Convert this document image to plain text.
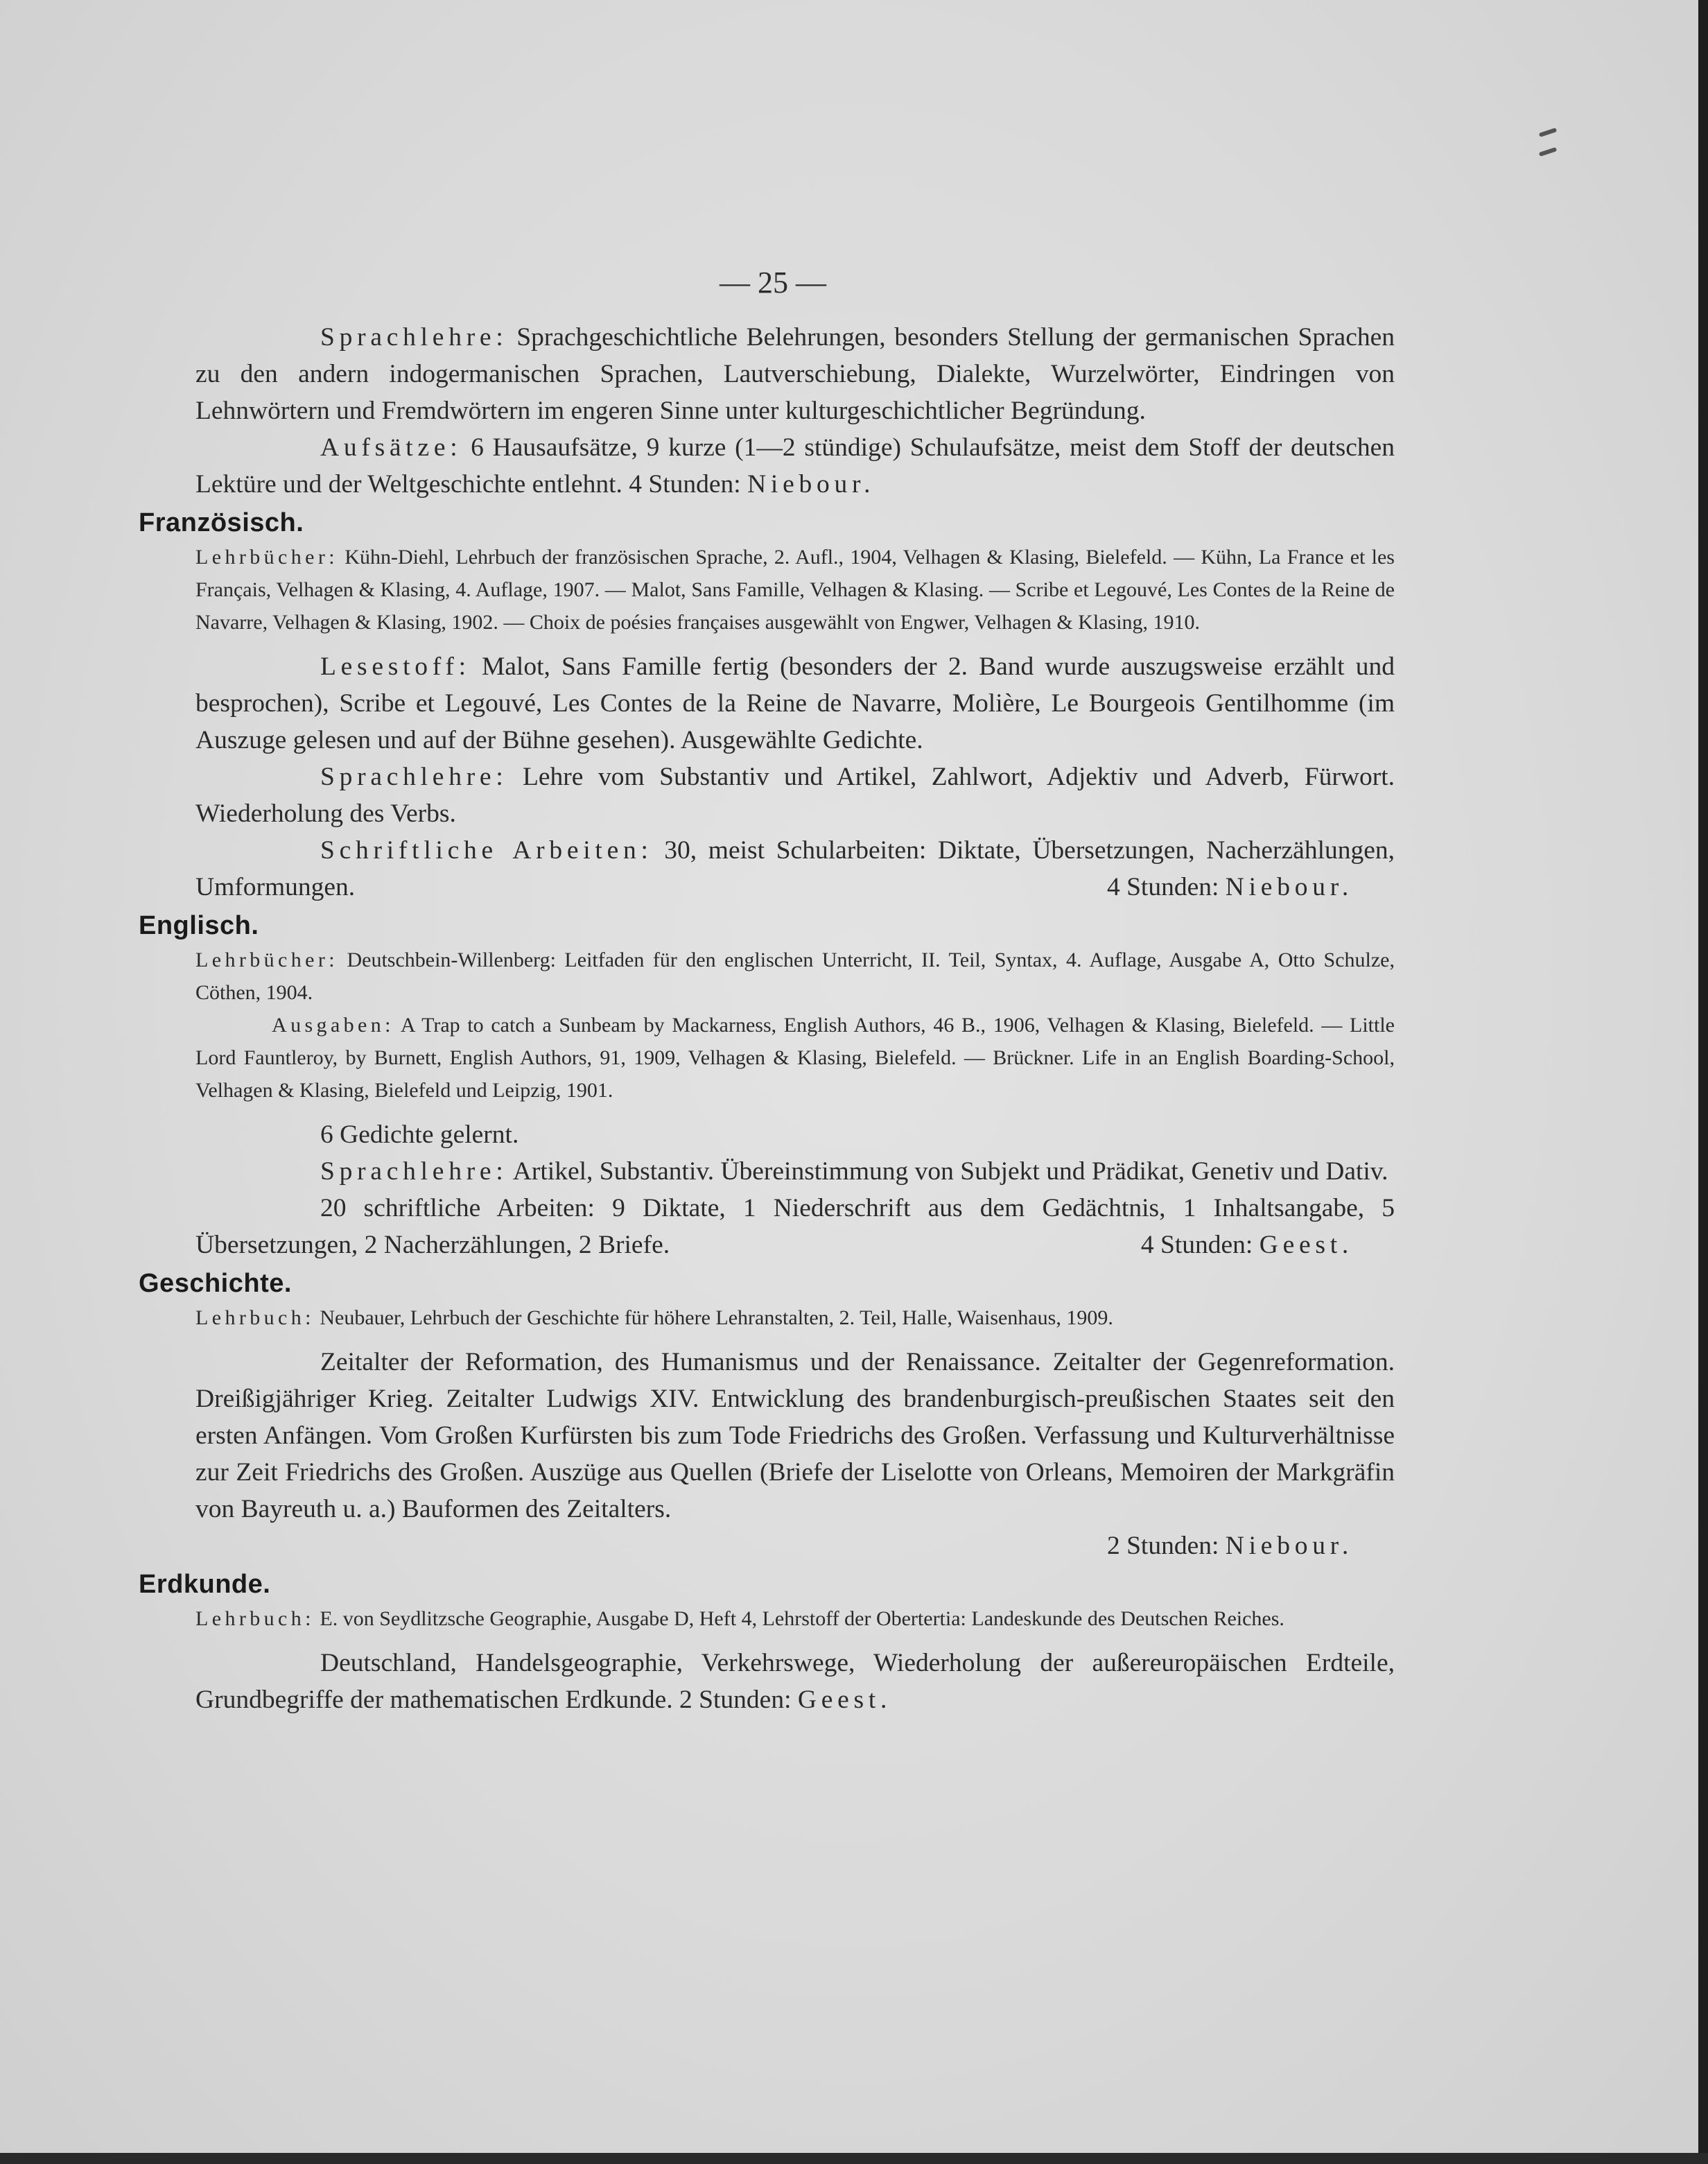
— 25 —

Sprachlehre: Sprachgeschichtliche Belehrungen, besonders Stellung der germanischen Sprachen zu den andern indogermanischen Sprachen, Lautverschiebung, Dialekte, Wurzelwörter, Eindringen von Lehnwörtern und Fremdwörtern im engeren Sinne unter kulturgeschichtlicher Begründung.

Aufsätze: 6 Hausaufsätze, 9 kurze (1—2 stündige) Schulaufsätze, meist dem Stoff der deutschen Lektüre und der Weltgeschichte entlehnt. 4 Stunden: Niebour.

Französisch.

Lehrbücher: Kühn-Diehl, Lehrbuch der französischen Sprache, 2. Aufl., 1904, Velhagen & Klasing, Bielefeld. — Kühn, La France et les Français, Velhagen & Klasing, 4. Auflage, 1907. — Malot, Sans Famille, Velhagen & Klasing. — Scribe et Legouvé, Les Contes de la Reine de Navarre, Velhagen & Klasing, 1902. — Choix de poésies françaises ausgewählt von Engwer, Velhagen & Klasing, 1910.

Lesestoff: Malot, Sans Famille fertig (besonders der 2. Band wurde auszugsweise erzählt und besprochen), Scribe et Legouvé, Les Contes de la Reine de Navarre, Molière, Le Bourgeois Gentilhomme (im Auszuge gelesen und auf der Bühne gesehen). Ausgewählte Gedichte.

Sprachlehre: Lehre vom Substantiv und Artikel, Zahlwort, Adjektiv und Adverb, Fürwort. Wiederholung des Verbs.

Schriftliche Arbeiten: 30, meist Schularbeiten: Diktate, Übersetzungen, Nacherzählungen, Umformungen.	4 Stunden: Niebour.

Englisch.

Lehrbücher: Deutschbein-Willenberg: Leitfaden für den englischen Unterricht, II. Teil, Syntax, 4. Auflage, Ausgabe A, Otto Schulze, Cöthen, 1904.

Ausgaben: A Trap to catch a Sunbeam by Mackarness, English Authors, 46 B., 1906, Velhagen & Klasing, Bielefeld. — Little Lord Fauntleroy, by Burnett, English Authors, 91, 1909, Velhagen & Klasing, Bielefeld. — Brückner. Life in an English Boarding-School, Velhagen & Klasing, Bielefeld und Leipzig, 1901.

6 Gedichte gelernt.

Sprachlehre: Artikel, Substantiv. Übereinstimmung von Subjekt und Prädikat, Genetiv und Dativ.

20 schriftliche Arbeiten: 9 Diktate, 1 Niederschrift aus dem Gedächtnis, 1 Inhaltsangabe, 5 Übersetzungen, 2 Nacherzählungen, 2 Briefe.	4 Stunden: Geest.

Geschichte.

Lehrbuch: Neubauer, Lehrbuch der Geschichte für höhere Lehranstalten, 2. Teil, Halle, Waisenhaus, 1909.

Zeitalter der Reformation, des Humanismus und der Renaissance. Zeitalter der Gegenreformation. Dreißigjähriger Krieg. Zeitalter Ludwigs XIV. Entwicklung des brandenburgisch-preußischen Staates seit den ersten Anfängen. Vom Großen Kurfürsten bis zum Tode Friedrichs des Großen. Verfassung und Kulturverhältnisse zur Zeit Friedrichs des Großen. Auszüge aus Quellen (Briefe der Liselotte von Orleans, Memoiren der Markgräfin von Bayreuth u. a.) Bauformen des Zeitalters.

2 Stunden: Niebour.

Erdkunde.

Lehrbuch: E. von Seydlitzsche Geographie, Ausgabe D, Heft 4, Lehrstoff der Obertertia: Landeskunde des Deutschen Reiches.

Deutschland, Handelsgeographie, Verkehrswege, Wiederholung der außereuropäischen Erdteile, Grundbegriffe der mathematischen Erdkunde. 2 Stunden: Geest.
